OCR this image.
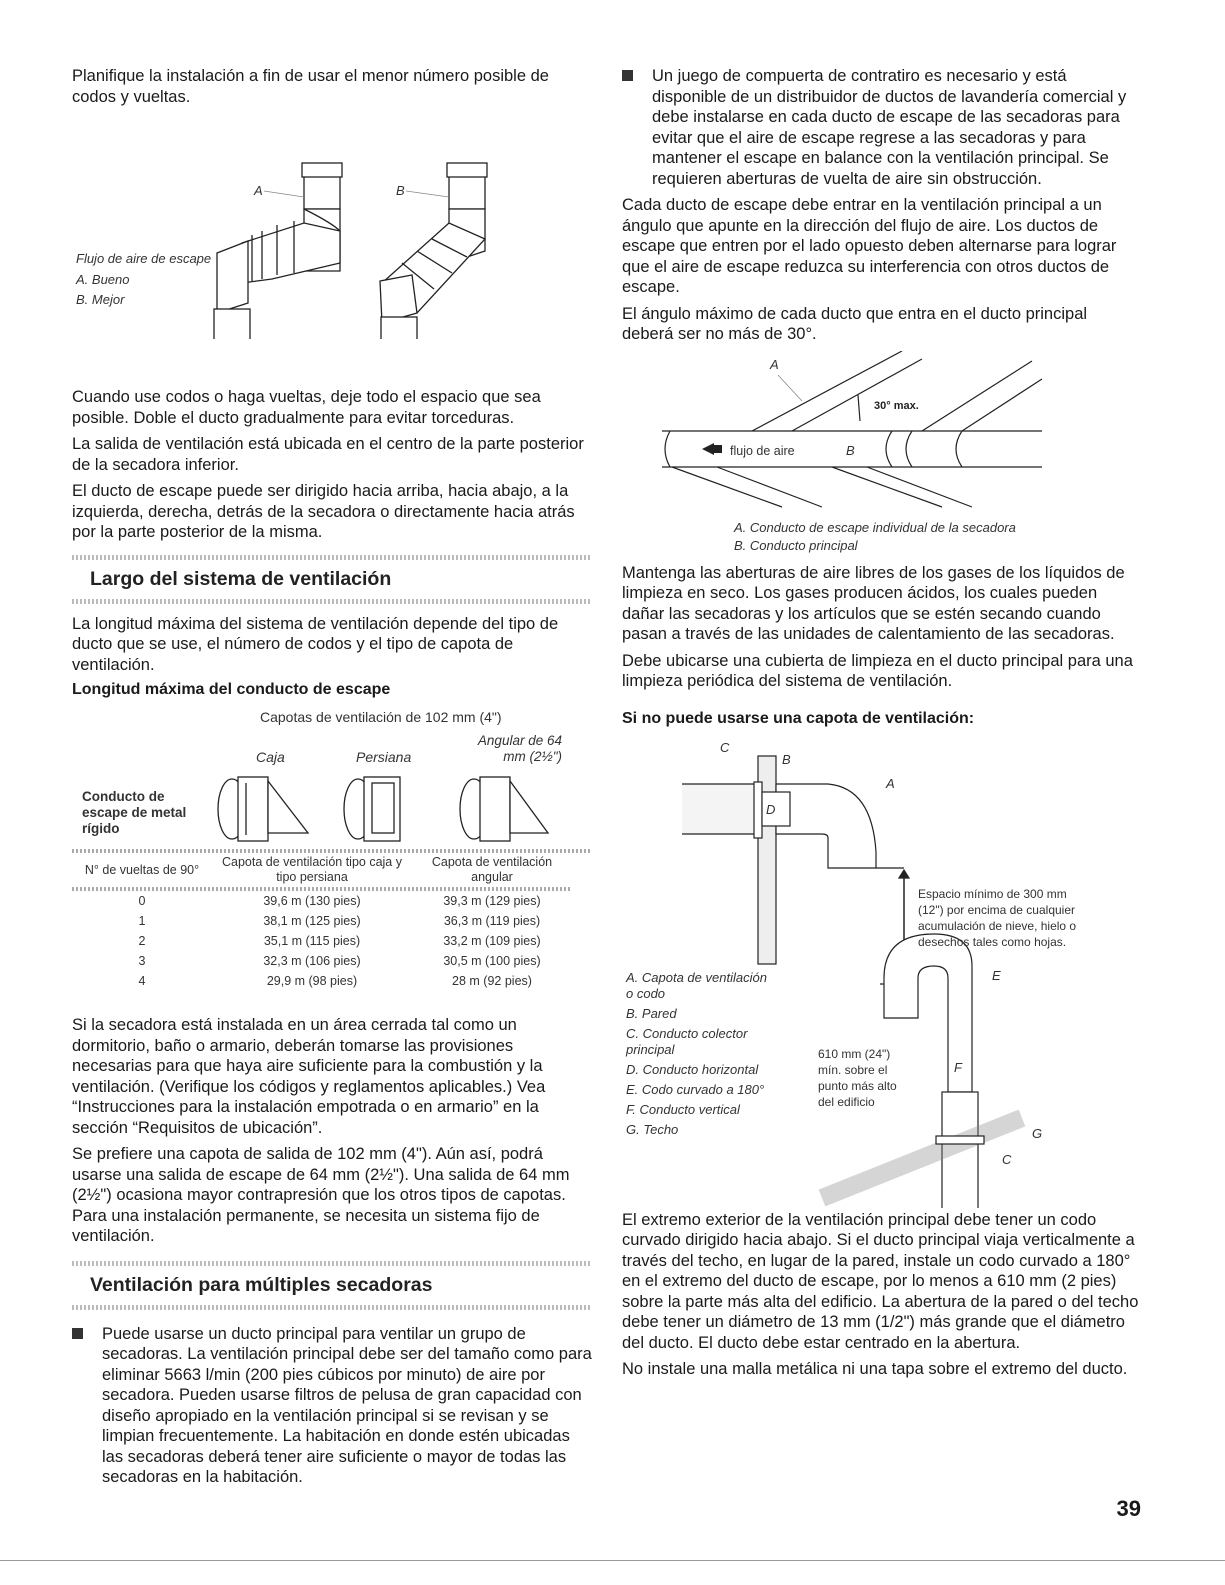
Planifique la instalación a fin de usar el menor número posible de codos y vueltas.

A	B
Flujo de aire de escape
A. Bueno
B. Mejor

Cuando use codos o haga vueltas, deje todo el espacio que sea posible. Doble el ducto gradualmente para evitar torceduras.

La salida de ventilación está ubicada en el centro de la parte posterior de la secadora inferior.

El ducto de escape puede ser dirigido hacia arriba, hacia abajo, a la izquierda, derecha, detrás de la secadora o directamente hacia atrás por la parte posterior de la misma.

Largo del sistema de ventilación

La longitud máxima del sistema de ventilación depende del tipo de ducto que se use, el número de codos y el tipo de capota de ventilación.

Longitud máxima del conducto de escape
Capotas de ventilación de 102 mm (4")
Caja	Persiana
Angular de 64 mm (2½")
Conducto de escape de metal rígido
N° de vueltas de 90°	Capota de ventilación tipo caja y tipo persiana	Capota de ventilación angular

0	39,6 m (130 pies)	39,3 m (129 pies)
1	38,1 m (125 pies)	36,3 m (119 pies)
2	35,1 m (115 pies)	33,2 m (109 pies)
3	32,3 m (106 pies)	30,5 m (100 pies)
4	29,9 m (98 pies)	28 m (92 pies)

Si la secadora está instalada en un área cerrada tal como un dormitorio, baño o armario, deberán tomarse las provisiones necesarias para que haya aire suficiente para la combustión y la ventilación. (Verifique los códigos y reglamentos aplicables.) Vea “Instrucciones para la instalación empotrada o en armario” en la sección “Requisitos de ubicación”.

Se prefiere una capota de salida de 102 mm (4"). Aún así, podrá usarse una salida de escape de 64 mm (2½"). Una salida de 64 mm (2½") ocasiona mayor contrapresión que los otros tipos de capotas. Para una instalación permanente, se necesita un sistema fijo de ventilación.

Ventilación para múltiples secadoras

Puede usarse un ducto principal para ventilar un grupo de secadoras. La ventilación principal debe ser del tamaño como para eliminar 5663 l/min (200 pies cúbicos por minuto) de aire por secadora. Pueden usarse filtros de pelusa de gran capacidad con diseño apropiado en la ventilación principal si se revisan y se limpian frecuentemente. La habitación en donde estén ubicadas las secadoras deberá tener aire suficiente o mayor de todas las secadoras en la habitación.

Un juego de compuerta de contratiro es necesario y está disponible de un distribuidor de ductos de lavandería comercial y debe instalarse en cada ducto de escape de las secadoras para evitar que el aire de escape regrese a las secadoras y para mantener el escape en balance con la ventilación principal. Se requieren aberturas de vuelta de aire sin obstrucción.

Cada ducto de escape debe entrar en la ventilación principal a un ángulo que apunte en la dirección del flujo de aire. Los ductos de escape que entren por el lado opuesto deben alternarse para lograr que el aire de escape reduzca su interferencia con otros ductos de escape.

El ángulo máximo de cada ducto que entra en el ducto principal deberá ser no más de 30°.

A
30° max.
flujo de aire	B
A. Conducto de escape individual de la secadora
B. Conducto principal

Mantenga las aberturas de aire libres de los gases de los líquidos de limpieza en seco. Los gases producen ácidos, los cuales pueden dañar las secadoras y los artículos que se estén secando cuando pasan a través de las unidades de calentamiento de las secadoras.

Debe ubicarse una cubierta de limpieza en el ducto principal para una limpieza periódica del sistema de ventilación.

Si no puede usarse una capota de ventilación:
C
B
D
A
E
F
G
C
Espacio mínimo de 300 mm
(12") por encima de cualquier
acumulación de nieve, hielo o
desechos tales como hojas.
610 mm (24")
mín. sobre el
punto más alto
del edificio
A. Capota de ventilación
o codo
B. Pared
C. Conducto colector
principal
D. Conducto horizontal
E. Codo curvado a 180°
F. Conducto vertical
G. Techo

El extremo exterior de la ventilación principal debe tener un codo curvado dirigido hacia abajo. Si el ducto principal viaja verticalmente a través del techo, en lugar de la pared, instale un codo curvado a 180° en el extremo del ducto de escape, por lo menos a 610 mm (2 pies) sobre la parte más alta del edificio. La abertura de la pared o del techo debe tener un diámetro de 13 mm (1/2") más grande que el diámetro del ducto. El ducto debe estar centrado en la abertura.

No instale una malla metálica ni una tapa sobre el extremo del ducto.

39
